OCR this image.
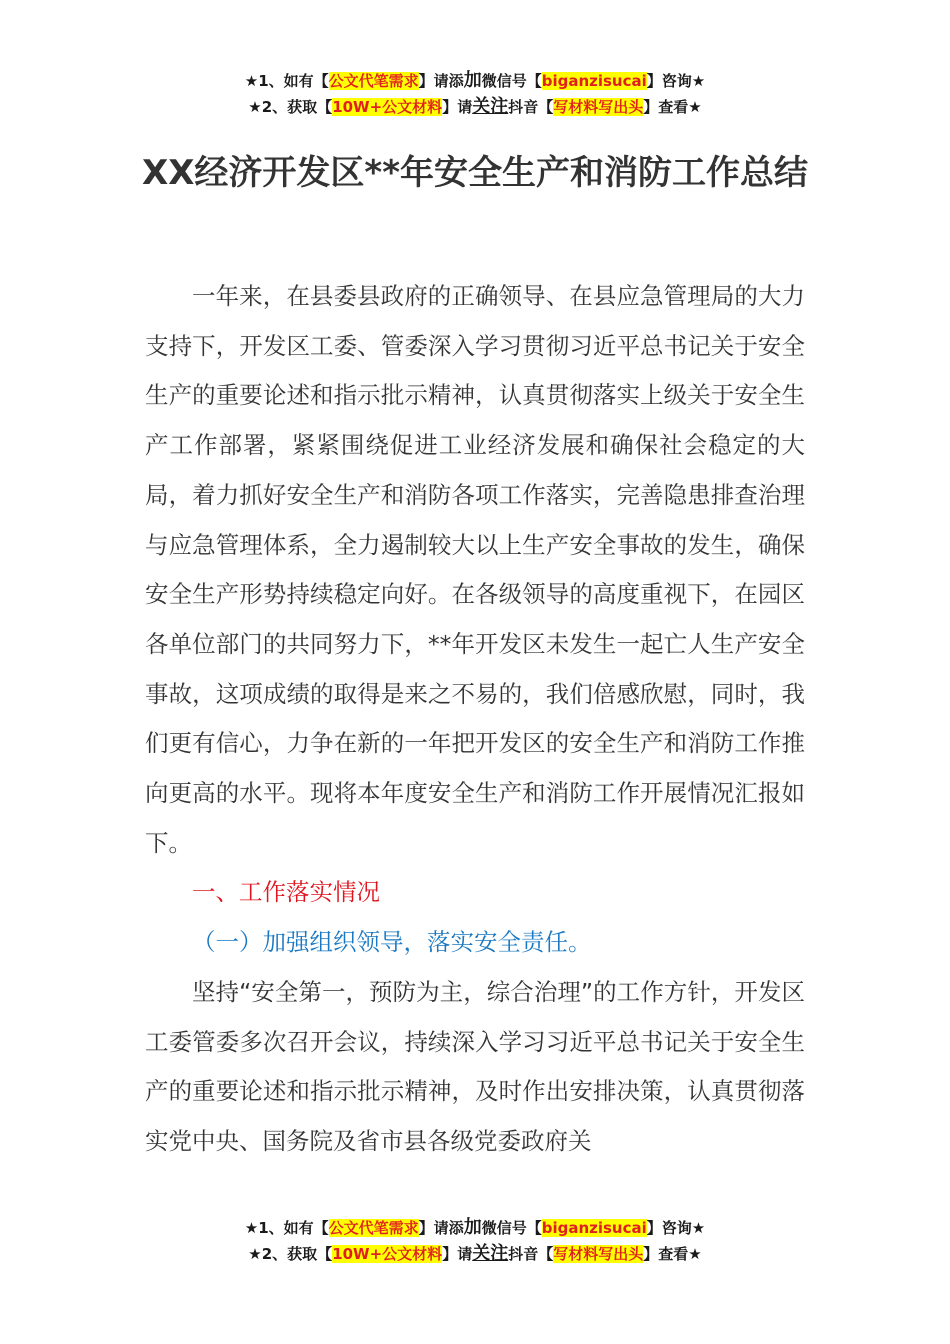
★1、如有【公文代笔需求】请添加微信号【biganzisucai】咨询★
★2、获取【10W+公文材料】请关注抖音【写材料写出头】查看★
XX经济开发区**年安全生产和消防工作总结

一年来，在县委县政府的正确领导、在县应急管理局的大力支持下，开发区工委、管委深入学习贯彻习近平总书记关于安全生产的重要论述和指示批示精神，认真贯彻落实上级关于安全生产工作部署，紧紧围绕促进工业经济发展和确保社会稳定的大局，着力抓好安全生产和消防各项工作落实，完善隐患排查治理与应急管理体系，全力遏制较大以上生产安全事故的发生，确保安全生产形势持续稳定向好。在各级领导的高度重视下，在园区各单位部门的共同努力下，**年开发区未发生一起亡人生产安全事故，这项成绩的取得是来之不易的，我们倍感欣慰，同时，我们更有信心，力争在新的一年把开发区的安全生产和消防工作推向更高的水平。现将本年度安全生产和消防工作开展情况汇报如下。

一、工作落实情况

（一）加强组织领导，落实安全责任。

坚持“安全第一，预防为主，综合治理”的工作方针，开发区工委管委多次召开会议，持续深入学习习近平总书记关于安全生产的重要论述和指示批示精神，及时作出安排决策，认真贯彻落实党中央、国务院及省市县各级党委政府关

★1、如有【公文代笔需求】请添加微信号【biganzisucai】咨询★
★2、获取【10W+公文材料】请关注抖音【写材料写出头】查看★
